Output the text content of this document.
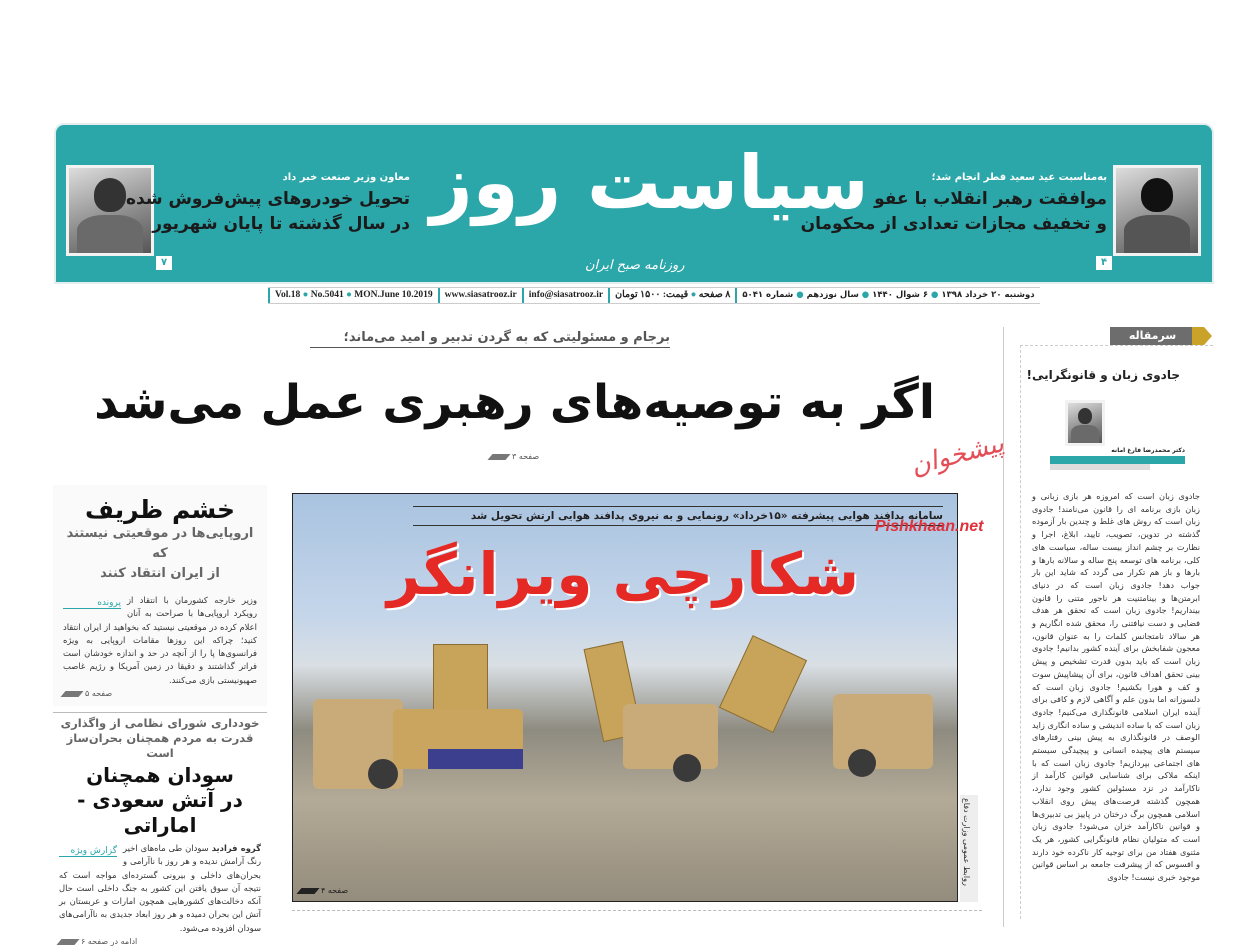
۷
معاون وزیر صنعت خبر داد
تحویل خودروهای پیش‌فروش شده
در سال گذشته تا پایان شهریور سیاست روز
روزنامه صبح ایران
به‌مناسبت عید سعید فطر انجام شد؛
موافقت رهبر انقلاب با عفو
و تخفیف مجازات تعدادی از محکومان
۴
Vol.18 ● No.5041 ● MON.June 10.2019	www.siasatrooz.ir	info@siasatrooz.ir	۸ صفحه ● قیمت: ۱۵۰۰ تومان	دوشنبه ۲۰ خرداد ۱۳۹۸ ● ۶ شوال ۱۴۴۰ ● سال نوزدهم ● شماره ۵۰۴۱
برجام و مسئولیتی که به گردن تدبیر و امید می‌ماند؛
اگر به توصیه‌های رهبری عمل می‌شد
صفحه ۳
خشم ظریف
اروپایی‌ها در موقعیتی نیستند که
از ایران انتقاد کنند
پرونده وزیر خارجه کشورمان با انتقاد از رویکرد اروپایی‌ها با صراحت به آنان اعلام کرده در موقعیتی نیستید که بخواهید از ایران انتقاد کنید؛ چراکه این روزها مقامات اروپایی به ویژه فرانسوی‌ها پا را از آنچه در حد و اندازه خودشان است فراتر گذاشتند و دقیقا در زمین آمریکا و رژیم غاصب صهیونیستی بازی می‌کنند.

صفحه ۵
خودداری شورای نظامی از واگذاری قدرت به مردم همچنان بحران‌ساز است
سودان همچنان
در آتش سعودی - اماراتی
گزارش ویژه	گروه فرادید سودان طی ماه‌های اخیر رنگ آرامش ندیده و هر روز با ناآرامی و بحران‌های داخلی و بیرونی گسترده‌ای مواجه است که نتیجه آن سوق یافتن این کشور به جنگ داخلی است حال آنکه دخالت‌های کشورهایی همچون امارات و عربستان بر آتش این بحران دمیده و هر روز ابعاد جدیدی به ناآرامی‌های سودان افزوده می‌شود.

ادامه در صفحه ۶
سامانه پدافند هوایی پیشرفته «۱۵خرداد» رونمایی و به نیروی پدافند هوایی ارتش تحویل شد
شکارچی ویرانگر
صفحه ۴
روابط عمومی وزارت دفاع
سرمقاله
جادوی زبان و قانونگرایی!
دکتر محمدرضا فارغ امانه
جادوی زبان است که امروزه هر بازی زبانی و زبان بازی برنامه ای را قانون می‌نامند! جادوی زبان است که روش های غلط و چندین بار آزموده گذشته در تدوین، تصویب، تایید، ابلاغ، اجرا و نظارت بر چشم انداز بیست ساله، سیاست های کلی، برنامه های توسعه پنج ساله و سالانه بارها و بارها و باز هم تکرار می گردد که شاید این بار جواب دهد! جادوی زبان است که در دنیای ابرمتن‌ها و بینامتنیت هر ناجور متنی را قانون بینداریم! جادوی زبان است که تحقق هر هدف فضایی و دست نیافتنی را، محقق شده انگاریم و هر سالاد نامتجانس کلمات را به عنوان قانون، معجون شفابخش برای آینده کشور بدانیم! جادوی زبان است که باید بدون قدرت تشخیص و پیش بینی تحقق اهداف قانون، برای آن پیشاپیش سوت و کف و هورا بکشیم! جادوی زبان است که دلسوزانه اما بدون علم و آگاهی لازم و کافی برای آینده ایران اسلامی قانونگذاری می‌کنیم! جادوی زبان است که با ساده اندیشی و ساده انگاری زاید الوصف در قانونگذاری به پیش بینی رفتارهای سیستم های پیچیده انسانی و پیچیدگی سیستم های اجتماعی بپردازیم! جادوی زبان است که با اینکه ملاکی برای شناسایی قوانین کارآمد از ناکارآمد در نزد مسئولین کشور وجود ندارد، همچون گذشته فرصت‌های پیش روی انقلاب اسلامی همچون برگ درختان در پاییز بی تدبیری‌ها و قوانین ناکارآمد خزان می‌شود! جادوی زبان است که متولیان نظام قانونگرایی کشور، هر یک مثنوی هفتاد من برای توجیه کار ناکرده خود دارند و افسوس که از پیشرفت جامعه بر اساس قوانین موجود خبری نیست! جادوی
پیشخوان
Pishkhaan.net
